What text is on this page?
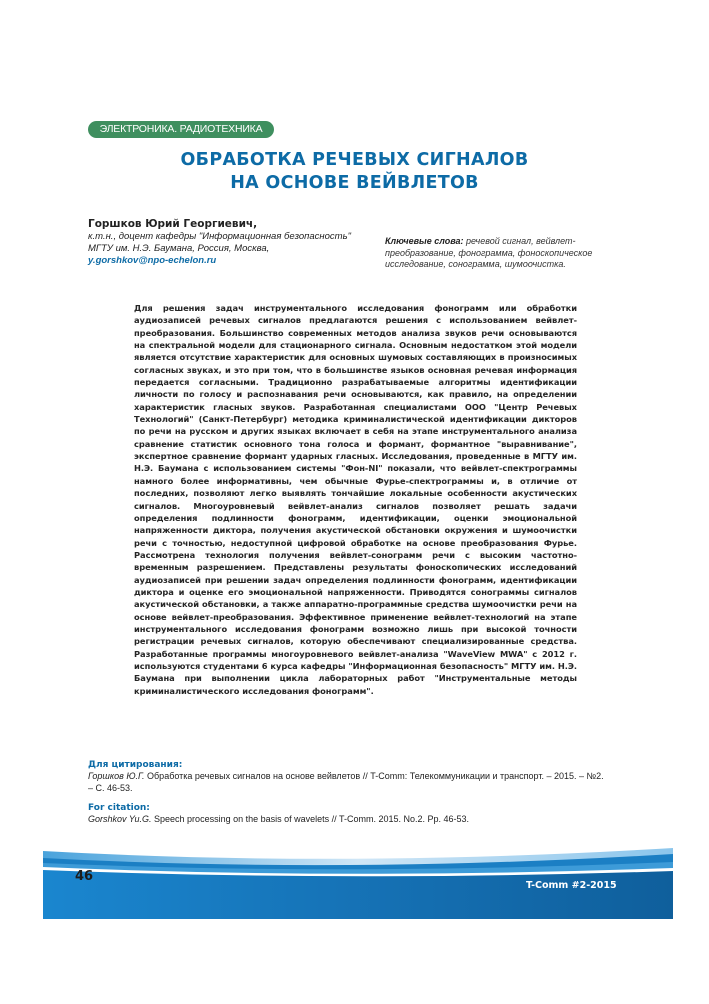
ЭЛЕКТРОНИКА. РАДИОТЕХНИКА
ОБРАБОТКА РЕЧЕВЫХ СИГНАЛОВ
НА ОСНОВЕ ВЕЙВЛЕТОВ
Горшков Юрий Георгиевич,
к.т.н., доцент кафедры "Информационная безопасность"
МГТУ им. Н.Э. Баумана, Россия, Москва,
y.gorshkov@npo-echelon.ru
Ключевые слова: речевой сигнал, вейвлет-преобразование, фонограмма, фоноскопическое исследование, сонограмма, шумоочистка.
Для решения задач инструментального исследования фонограмм или обработки аудиозаписей речевых сигналов предлагаются решения с использованием вейвлет-преобразования. Большинство современных методов анализа звуков речи основываются на спектральной модели для стационарного сигнала. Основным недостатком этой модели является отсутствие характеристик для основных шумовых составляющих в произносимых согласных звуках, и это при том, что в большинстве языков основная речевая информация передается согласными. Традиционно разрабатываемые алгоритмы идентификации личности по голосу и распознавания речи основываются, как правило, на определении характеристик гласных звуков. Разработанная специалистами ООО "Центр Речевых Технологий" (Санкт-Петербург) методика криминалистической идентификации дикторов по речи на русском и других языках включает в себя на этапе инструментального анализа сравнение статистик основного тона голоса и формант, формантное "выравнивание", экспертное сравнение формант ударных гласных. Исследования, проведенные в МГТУ им. Н.Э. Баумана с использованием системы "Фон-NI" показали, что вейвлет-спектрограммы намного более информативны, чем обычные Фурье-спектрограммы и, в отличие от последних, позволяют легко выявлять тончайшие локальные особенности акустических сигналов. Многоуровневый вейвлет-анализ сигналов позволяет решать задачи определения подлинности фонограмм, идентификации, оценки эмоциональной напряженности диктора, получения акустической обстановки окружения и шумоочистки речи с точностью, недоступной цифровой обработке на основе преобразования Фурье. Рассмотрена технология получения вейвлет-сонограмм речи с высоким частотно-временным разрешением. Представлены результаты фоноскопических исследований аудиозаписей при решении задач определения подлинности фонограмм, идентификации диктора и оценке его эмоциональной напряженности. Приводятся сонограммы сигналов акустической обстановки, а также аппаратно-программные средства шумоочистки речи на основе вейвлет-преобразования. Эффективное применение вейвлет-технологий на этапе инструментального исследования фонограмм возможно лишь при высокой точности регистрации речевых сигналов, которую обеспечивают специализированные средства. Разработанные программы многоуровневого вейвлет-анализа "WaveView MWA" с 2012 г. используются студентами 6 курса кафедры "Информационная безопасность" МГТУ им. Н.Э. Баумана при выполнении цикла лабораторных работ "Инструментальные методы криминалистического исследования фонограмм".
Для цитирования:
Горшков Ю.Г. Обработка речевых сигналов на основе вейвлетов // T-Comm: Телекоммуникации и транспорт. – 2015. – №2. – С. 46-53.
For citation:
Gorshkov Yu.G. Speech processing on the basis of wavelets // T-Comm. 2015. No.2. Pp. 46-53.
46
T-Comm #2-2015
